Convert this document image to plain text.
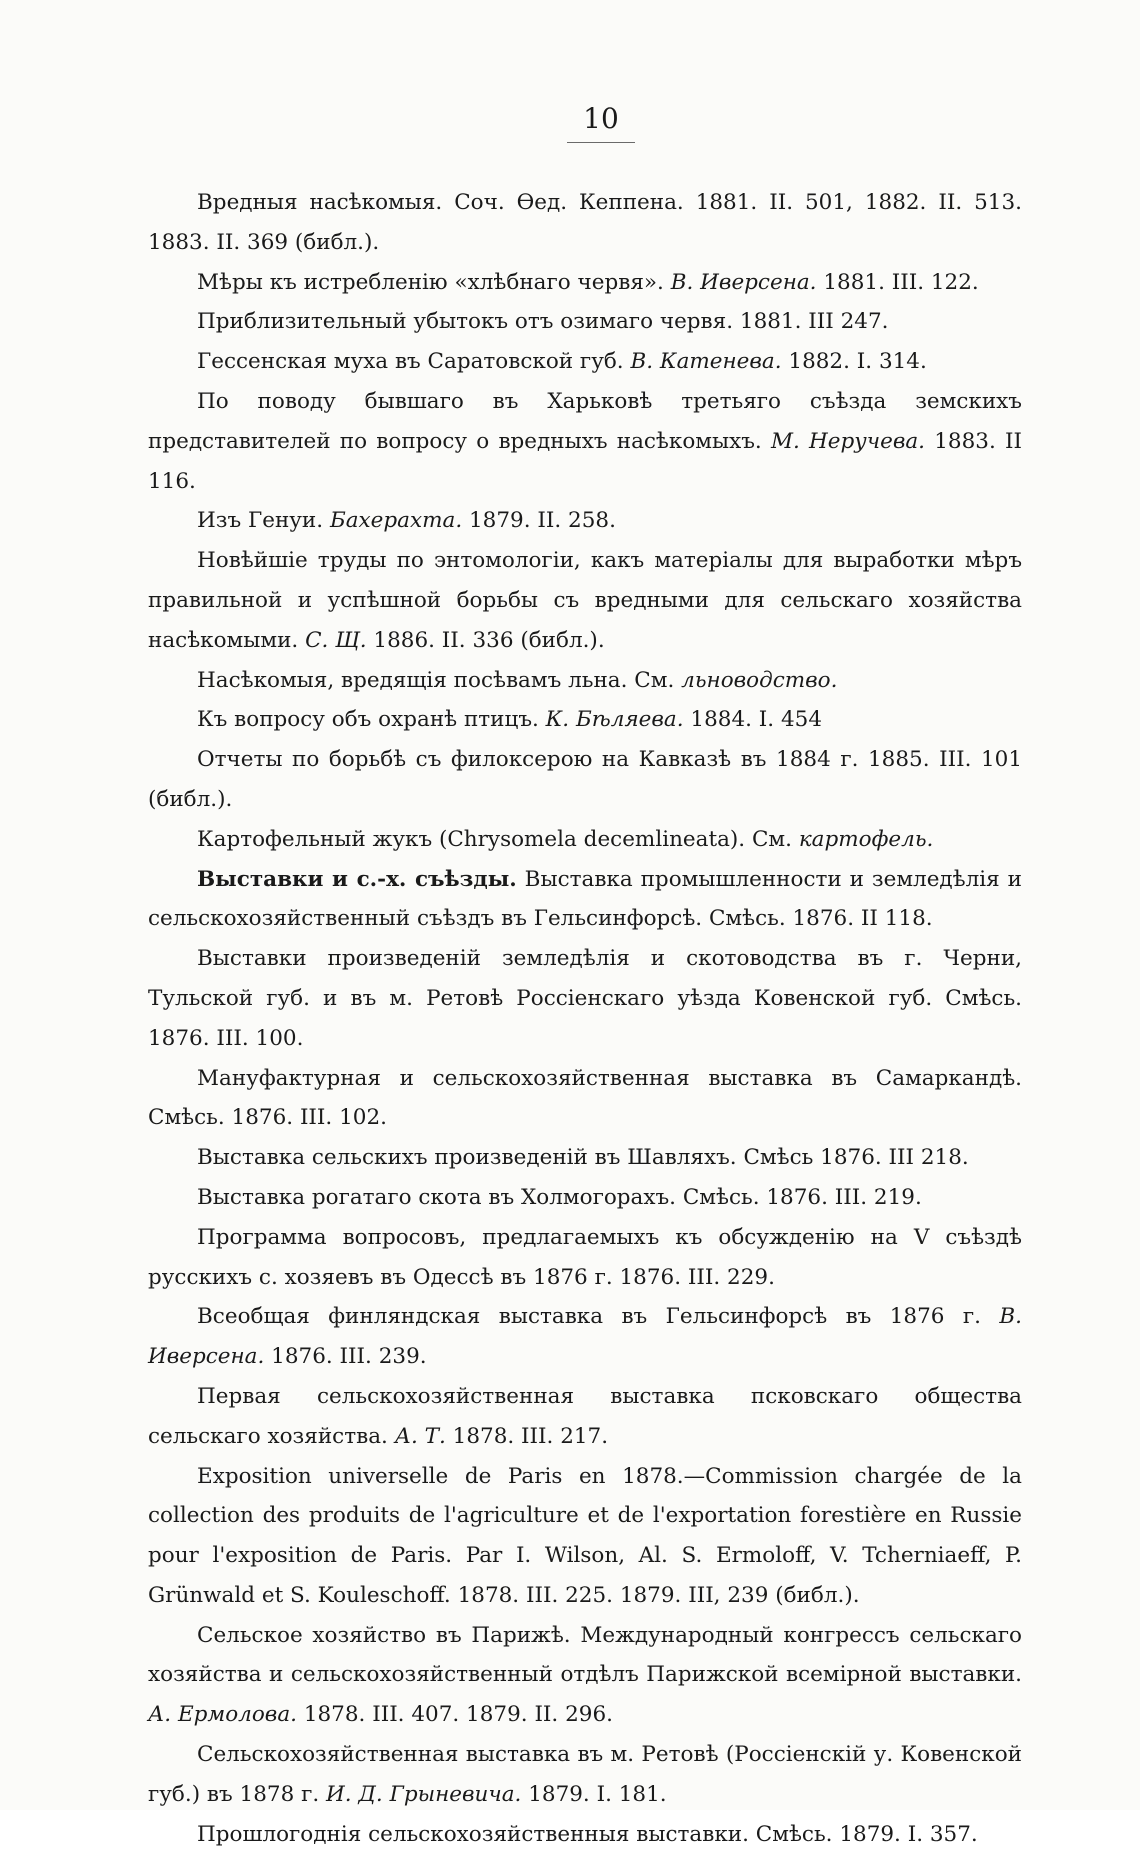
10

Вредныя насѣкомыя. Соч. Ѳед. Кеппена. 1881. II. 501, 1882. II. 513. 1883. II. 369 (библ.).

Мѣры къ истребленію «хлѣбнаго червя». В. Иверсена. 1881. III. 122.

Приблизительный убытокъ отъ озимаго червя. 1881. III 247.

Гессенская муха въ Саратовской губ. В. Катенева. 1882. I. 314.

По поводу бывшаго въ Харьковѣ третьяго съѣзда земскихъ представителей по вопросу о вредныхъ насѣкомыхъ. М. Неручева. 1883. II 116.

Изъ Генуи. Бахерахта. 1879. II. 258.

Новѣйшіе труды по энтомологіи, какъ матеріалы для выработки мѣръ правильной и успѣшной борьбы съ вредными для сельскаго хозяйства насѣкомыми. С. Щ. 1886. II. 336 (библ.).

Насѣкомыя, вредящія посѣвамъ льна. См. льноводство.

Къ вопросу объ охранѣ птицъ. К. Бѣляева. 1884. I. 454

Отчеты по борьбѣ съ филоксерою на Кавказѣ въ 1884 г. 1885. III. 101 (библ.).

Картофельный жукъ (Chrysomela decemlineata). См. картофель.

Выставки и с.-х. съѣзды. Выставка промышленности и земледѣлія и сельскохозяйственный съѣздъ въ Гельсинфорсѣ. Смѣсь. 1876. II 118.

Выставки произведеній земледѣлія и скотоводства въ г. Черни, Тульской губ. и въ м. Ретовѣ Россіенскаго уѣзда Ковенской губ. Смѣсь. 1876. III. 100.

Мануфактурная и сельскохозяйственная выставка въ Самаркандѣ. Смѣсь. 1876. III. 102.

Выставка сельскихъ произведеній въ Шавляхъ. Смѣсь 1876. III 218.

Выставка рогатаго скота въ Холмогорахъ. Смѣсь. 1876. III. 219.

Программа вопросовъ, предлагаемыхъ къ обсужденію на V съѣздѣ русскихъ с. хозяевъ въ Одессѣ въ 1876 г. 1876. III. 229.

Всеобщая финляндская выставка въ Гельсинфорсѣ въ 1876 г. В. Иверсена. 1876. III. 239.

Первая сельскохозяйственная выставка псковскаго общества сельскаго хозяйства. А. Т. 1878. III. 217.

Exposition universelle de Paris en 1878.—Commission chargée de la collection des produits de l'agriculture et de l'exportation forestière en Russie pour l'exposition de Paris. Par I. Wilson, Al. S. Ermoloff, V. Tcherniaeff, P. Grünwald et S. Kouleschoff. 1878. III. 225. 1879. III, 239 (библ.).

Сельское хозяйство въ Парижѣ. Международный конгрессъ сельскаго хозяйства и сельскохозяйственный отдѣлъ Парижской всемірной выставки. А. Ермолова. 1878. III. 407. 1879. II. 296.

Сельскохозяйственная выставка въ м. Ретовѣ (Россіенскій у. Ковенской губ.) въ 1878 г. И. Д. Грыневича. 1879. I. 181.

Прошлогоднія сельскохозяйственныя выставки. Смѣсь. 1879. I. 357.
